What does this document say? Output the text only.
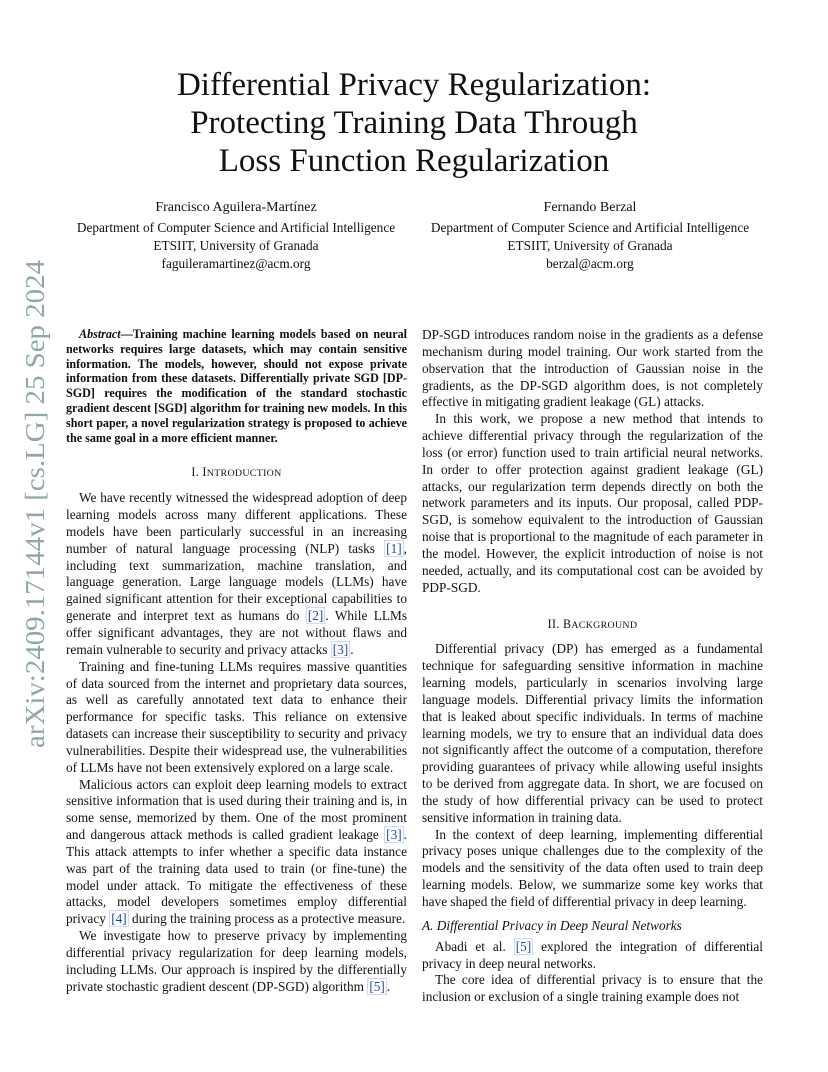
arXiv:2409.17144v1 [cs.LG] 25 Sep 2024
Differential Privacy Regularization:
Protecting Training Data Through
Loss Function Regularization
Francisco Aguilera-Martínez
Department of Computer Science and Artificial Intelligence
ETSIIT, University of Granada
faguileramartinez@acm.org
Fernando Berzal
Department of Computer Science and Artificial Intelligence
ETSIIT, University of Granada
berzal@acm.org

Abstract—Training machine learning models based on neural networks requires large datasets, which may contain sensitive information. The models, however, should not expose private information from these datasets. Differentially private SGD [DP-SGD] requires the modification of the standard stochastic gradient descent [SGD] algorithm for training new models. In this short paper, a novel regularization strategy is proposed to achieve the same goal in a more efficient manner.

I. INTRODUCTION

We have recently witnessed the widespread adoption of deep learning models across many different applications. These models have been particularly successful in an increasing number of natural language processing (NLP) tasks [1] , including text summarization, machine translation, and language generation. Large language models (LLMs) have gained significant attention for their exceptional capabilities to generate and interpret text as humans do [2] . While LLMs offer significant advantages, they are not without flaws and remain vulnerable to security and privacy attacks [3] .

Training and fine-tuning LLMs requires massive quantities of data sourced from the internet and proprietary data sources, as well as carefully annotated text data to enhance their performance for specific tasks. This reliance on extensive datasets can increase their susceptibility to security and privacy vulnerabilities. Despite their widespread use, the vulnerabilities of LLMs have not been extensively explored on a large scale.

Malicious actors can exploit deep learning models to extract sensitive information that is used during their training and is, in some sense, memorized by them. One of the most prominent and dangerous attack methods is called gradient leakage [3] . This attack attempts to infer whether a specific data instance was part of the training data used to train (or fine-tune) the model under attack. To mitigate the effectiveness of these attacks, model developers sometimes employ differential privacy [4] during the training process as a protective measure.

We investigate how to preserve privacy by implementing differential privacy regularization for deep learning models, including LLMs. Our approach is inspired by the differentially private stochastic gradient descent (DP-SGD) algorithm [5] .

DP-SGD introduces random noise in the gradients as a defense mechanism during model training. Our work started from the observation that the introduction of Gaussian noise in the gradients, as the DP-SGD algorithm does, is not completely effective in mitigating gradient leakage (GL) attacks.

In this work, we propose a new method that intends to achieve differential privacy through the regularization of the loss (or error) function used to train artificial neural networks. In order to offer protection against gradient leakage (GL) attacks, our regularization term depends directly on both the network parameters and its inputs. Our proposal, called PDP-SGD, is somehow equivalent to the introduction of Gaussian noise that is proportional to the magnitude of each parameter in the model. However, the explicit introduction of noise is not needed, actually, and its computational cost can be avoided by PDP-SGD.

II. BACKGROUND

Differential privacy (DP) has emerged as a fundamental technique for safeguarding sensitive information in machine learning models, particularly in scenarios involving large language models. Differential privacy limits the information that is leaked about specific individuals. In terms of machine learning models, we try to ensure that an individual data does not significantly affect the outcome of a computation, therefore providing guarantees of privacy while allowing useful insights to be derived from aggregate data. In short, we are focused on the study of how differential privacy can be used to protect sensitive information in training data.

In the context of deep learning, implementing differential privacy poses unique challenges due to the complexity of the models and the sensitivity of the data often used to train deep learning models. Below, we summarize some key works that have shaped the field of differential privacy in deep learning.

A. Differential Privacy in Deep Neural Networks

Abadi et al. [5] explored the integration of differential privacy in deep neural networks.

The core idea of differential privacy is to ensure that the inclusion or exclusion of a single training example does not
